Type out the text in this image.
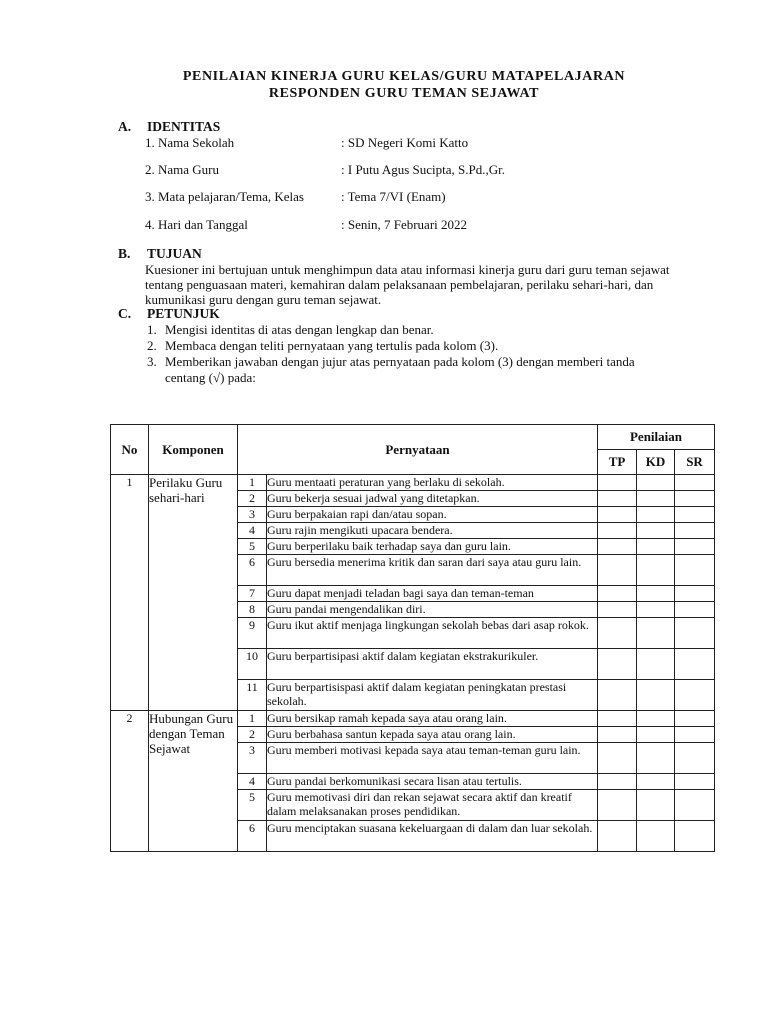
PENILAIAN KINERJA GURU KELAS/GURU MATAPELAJARAN
RESPONDEN GURU TEMAN SEJAWAT
A. IDENTITAS
1. Nama Sekolah	: SD Negeri Komi Katto
2. Nama Guru	: I Putu Agus Sucipta, S.Pd.,Gr.
3. Mata pelajaran/Tema, Kelas	: Tema 7/VI (Enam)
4. Hari dan Tanggal	: Senin, 7 Februari 2022
B. TUJUAN
Kuesioner ini bertujuan untuk menghimpun data atau informasi kinerja guru dari guru teman sejawat tentang penguasaan materi, kemahiran dalam pelaksanaan pembelajaran, perilaku sehari-hari, dan kumunikasi guru dengan guru teman sejawat.
C. PETUNJUK
1. Mengisi identitas di atas dengan lengkap dan benar.
2. Membaca dengan teliti pernyataan yang tertulis pada kolom (3).
3. Memberikan jawaban dengan jujur atas pernyataan pada kolom (3) dengan memberi tanda centang (√) pada:
No	Komponen	Pernyataan		Penilaian		
				TP	KD	SR
1	Perilaku Guru sehari-hari	1	Guru mentaati peraturan yang berlaku di sekolah.			
		2	Guru bekerja sesuai jadwal yang ditetapkan.			
		3	Guru berpakaian rapi dan/atau sopan.			
		4	Guru rajin mengikuti upacara bendera.			
		5	Guru berperilaku baik terhadap saya dan guru lain.			
		6	Guru bersedia menerima kritik dan saran dari saya atau guru lain.			
		7	Guru dapat menjadi teladan bagi saya dan teman-teman			
		8	Guru pandai mengendalikan diri.			
		9	Guru ikut aktif menjaga lingkungan sekolah bebas dari asap rokok.			
		10	Guru berpartisipasi aktif dalam kegiatan ekstrakurikuler.			
		11	Guru berpartisispasi aktif dalam kegiatan peningkatan prestasi sekolah.			
2	Hubungan Guru dengan Teman Sejawat	1	Guru bersikap ramah kepada saya atau orang lain.			
		2	Guru berbahasa santun kepada saya atau orang lain.			
		3	Guru memberi motivasi kepada saya atau teman-teman guru lain.			
		4	Guru pandai berkomunikasi secara lisan atau tertulis.			
		5	Guru memotivasi diri dan rekan sejawat secara aktif dan kreatif dalam melaksanakan proses pendidikan.			
		6	Guru menciptakan suasana kekeluargaan di dalam dan luar sekolah.			
